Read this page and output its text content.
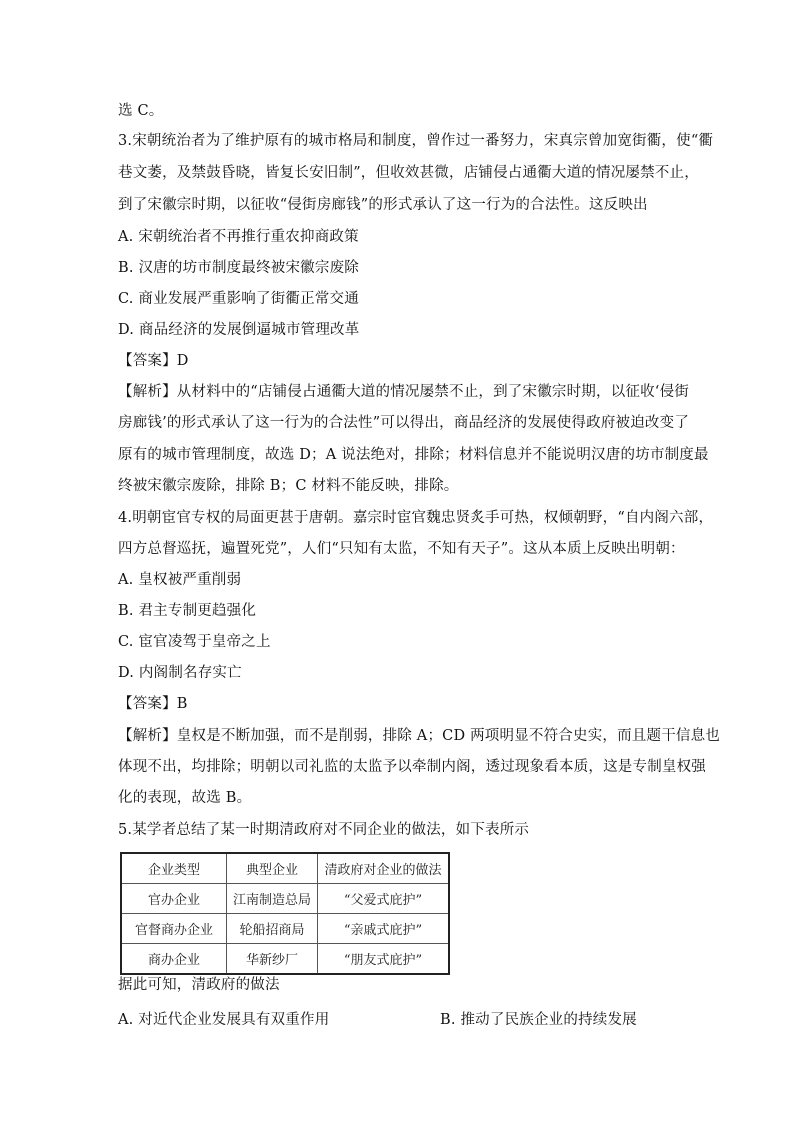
选 C。
3.宋朝统治者为了维护原有的城市格局和制度，曾作过一番努力，宋真宗曾加宽街衢，使“衢
巷文萎，及禁鼓昏晓，皆复长安旧制”，但收效甚微，店铺侵占通衢大道的情况屡禁不止，
到了宋徽宗时期，以征收“侵街房廊钱”的形式承认了这一行为的合法性。这反映出
A. 宋朝统治者不再推行重农抑商政策
B. 汉唐的坊市制度最终被宋徽宗废除
C. 商业发展严重影响了街衢正常交通
D. 商品经济的发展倒逼城市管理改革
【答案】D
【解析】从材料中的“店铺侵占通衢大道的情况屡禁不止，到了宋徽宗时期，以征收‘侵街
房廊钱’的形式承认了这一行为的合法性”可以得出，商品经济的发展使得政府被迫改变了
原有的城市管理制度，故选 D；A 说法绝对，排除；材料信息并不能说明汉唐的坊市制度最
终被宋徽宗废除，排除 B；C 材料不能反映，排除。
4.明朝宦官专权的局面更甚于唐朝。嘉宗时宦官魏忠贤炙手可热，权倾朝野，“自内阁六部，
四方总督巡抚，遍置死党”，人们“只知有太监，不知有天子”。这从本质上反映出明朝：
A. 皇权被严重削弱
B. 君主专制更趋强化
C. 宦官凌驾于皇帝之上
D. 内阁制名存实亡
【答案】B
【解析】皇权是不断加强，而不是削弱，排除 A；CD 两项明显不符合史实，而且题干信息也
体现不出，均排除；明朝以司礼监的太监予以牵制内阁，透过现象看本质，这是专制皇权强
化的表现，故选 B。
5.某学者总结了某一时期清政府对不同企业的做法，如下表所示
企业类型	典型企业	清政府对企业的做法
官办企业	江南制造总局	“父爱式庇护”
官督商办企业	轮船招商局	“亲戚式庇护”
商办企业	华新纱厂	“朋友式庇护”
据此可知，清政府的做法
A. 对近代企业发展具有双重作用	B. 推动了民族企业的持续发展
